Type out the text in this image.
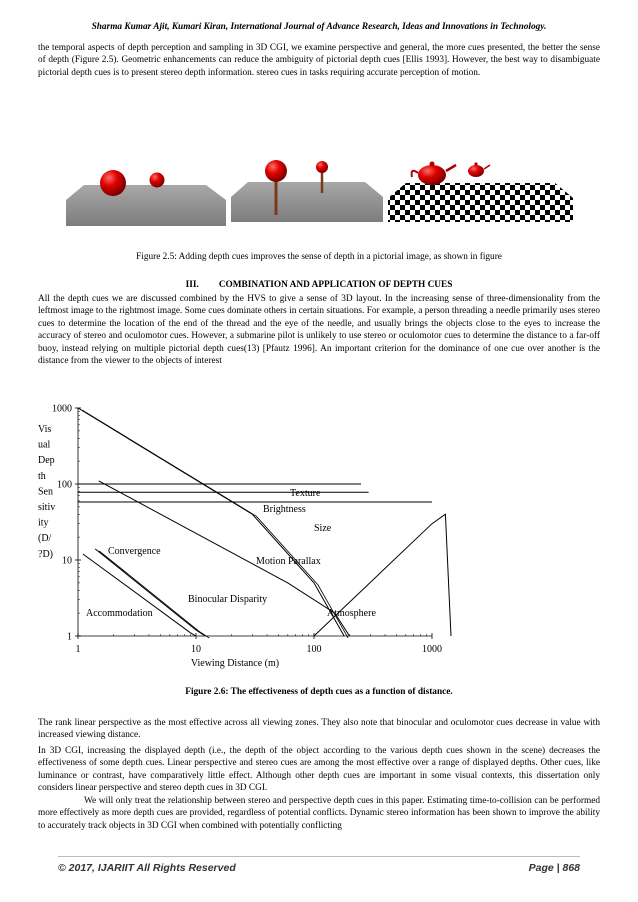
Sharma Kumar Ajit, Kumari Kiran, International Journal of Advance Research, Ideas and Innovations in Technology.

the temporal aspects of depth perception and sampling in 3D CGI, we examine perspective and general, the more cues presented, the better the sense of depth (Figure 2.5). Geometric enhancements can reduce the ambiguity of pictorial depth cues [Ellis 1993]. However, the best way to disambiguate pictorial depth cues is to present stereo depth information. stereo cues in tasks requiring accurate perception of motion.

Figure 2.5: Adding depth cues improves the sense of depth in a pictorial image, as shown in figure
III. COMBINATION AND APPLICATION OF DEPTH CUES

All the depth cues we are discussed combined by the HVS to give a sense of 3D layout. In the increasing sense of three-dimensionality from the leftmost image to the rightmost image. Some cues dominate others in certain situations. For example, a person threading a needle primarily uses stereo cues to determine the location of the end of the thread and the eye of the needle, and usually brings the objects close to the eyes to increase the accuracy of stereo and oculomotor cues. However, a submarine pilot is unlikely to use stereo or oculomotor cues to determine the distance to a far-off buoy, instead relying on multiple pictorial depth cues(13) [Pfautz 1996]. An important criterion for the dominance of one cue over another is the distance from the viewer to the objects of interest

1
10
100
1000
1	10	100	1000
Viewing Distance (m)
Vis
ual
Dep
th
Sen
sitiv
ity
(D/
?D)
Texture
Brightness
Size
Motion Parallax
Convergence
Accommodation
Binocular Disparity
Atmosphere
Figure 2.6: The effectiveness of depth cues as a function of distance.

The rank linear perspective as the most effective across all viewing zones. They also note that binocular and oculomotor cues decrease in value with increased viewing distance.

In 3D CGI, increasing the displayed depth (i.e., the depth of the object according to the various depth cues shown in the scene) decreases the effectiveness of some depth cues. Linear perspective and stereo cues are among the most effective over a range of displayed depths. Other cues, like luminance or contrast, have comparatively little effect. Although other depth cues are important in some visual contexts, this dissertation only considers linear perspective and stereo depth cues in 3D CGI.

We will only treat the relationship between stereo and perspective depth cues in this paper. Estimating time-to-collision can be performed more effectively as more depth cues are provided, regardless of potential conflicts. Dynamic stereo information has been shown to improve the ability to accurately track objects in 3D CGI when combined with potentially conflicting

© 2017, IJARIIT All Rights Reserved	Page | 868
